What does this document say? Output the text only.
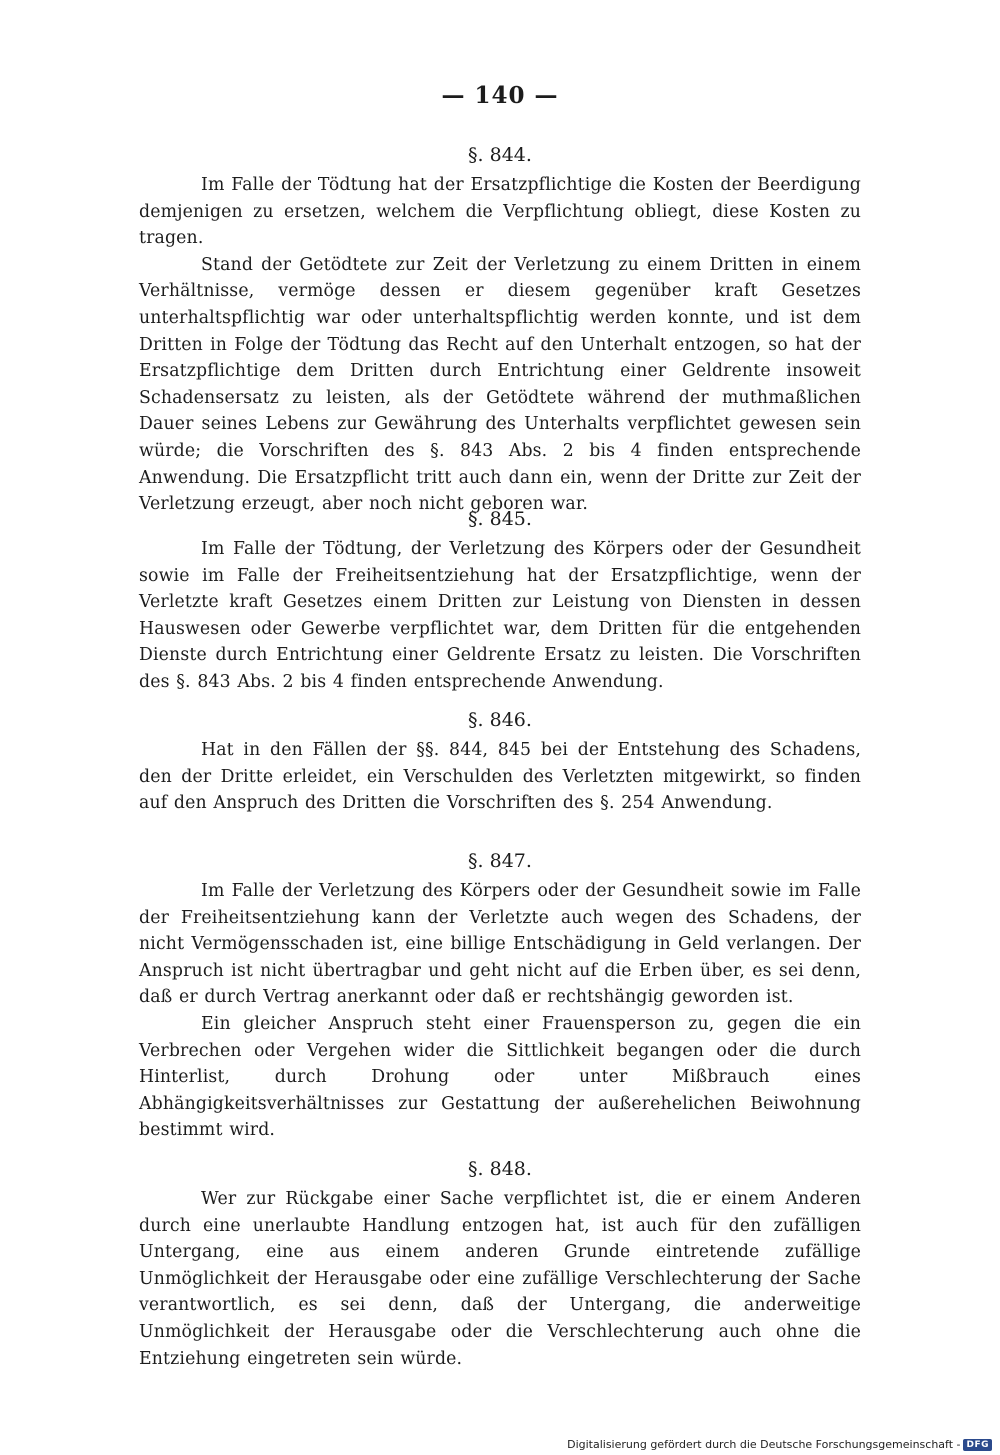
— 140 —
§. 844.

Im Falle der Tödtung hat der Ersatzpflichtige die Kosten der Beerdigung demjenigen zu ersetzen, welchem die Verpflichtung obliegt, diese Kosten zu tragen.

Stand der Getödtete zur Zeit der Verletzung zu einem Dritten in einem Verhältnisse, vermöge dessen er diesem gegenüber kraft Gesetzes unterhaltspflichtig war oder unterhaltspflichtig werden konnte, und ist dem Dritten in Folge der Tödtung das Recht auf den Unterhalt entzogen, so hat der Ersatzpflichtige dem Dritten durch Entrichtung einer Geldrente insoweit Schadensersatz zu leisten, als der Getödtete während der muthmaßlichen Dauer seines Lebens zur Gewährung des Unterhalts verpflichtet gewesen sein würde; die Vorschriften des §. 843 Abs. 2 bis 4 finden entsprechende Anwendung. Die Ersatzpflicht tritt auch dann ein, wenn der Dritte zur Zeit der Verletzung erzeugt, aber noch nicht geboren war.

§. 845.

Im Falle der Tödtung, der Verletzung des Körpers oder der Gesundheit sowie im Falle der Freiheitsentziehung hat der Ersatzpflichtige, wenn der Verletzte kraft Gesetzes einem Dritten zur Leistung von Diensten in dessen Hauswesen oder Gewerbe verpflichtet war, dem Dritten für die entgehenden Dienste durch Entrichtung einer Geldrente Ersatz zu leisten. Die Vorschriften des §. 843 Abs. 2 bis 4 finden entsprechende Anwendung.

§. 846.

Hat in den Fällen der §§. 844, 845 bei der Entstehung des Schadens, den der Dritte erleidet, ein Verschulden des Verletzten mitgewirkt, so finden auf den Anspruch des Dritten die Vorschriften des §. 254 Anwendung.

§. 847.

Im Falle der Verletzung des Körpers oder der Gesundheit sowie im Falle der Freiheitsentziehung kann der Verletzte auch wegen des Schadens, der nicht Vermögensschaden ist, eine billige Entschädigung in Geld verlangen. Der Anspruch ist nicht übertragbar und geht nicht auf die Erben über, es sei denn, daß er durch Vertrag anerkannt oder daß er rechtshängig geworden ist.

Ein gleicher Anspruch steht einer Frauensperson zu, gegen die ein Verbrechen oder Vergehen wider die Sittlichkeit begangen oder die durch Hinterlist, durch Drohung oder unter Mißbrauch eines Abhängigkeitsverhältnisses zur Gestattung der außerehelichen Beiwohnung bestimmt wird.

§. 848.

Wer zur Rückgabe einer Sache verpflichtet ist, die er einem Anderen durch eine unerlaubte Handlung entzogen hat, ist auch für den zufälligen Untergang, eine aus einem anderen Grunde eintretende zufällige Unmöglichkeit der Herausgabe oder eine zufällige Verschlechterung der Sache verantwortlich, es sei denn, daß der Untergang, die anderweitige Unmöglichkeit der Herausgabe oder die Verschlechterung auch ohne die Entziehung eingetreten sein würde.

Digitalisierung gefördert durch die Deutsche Forschungsgemeinschaft - DFG
